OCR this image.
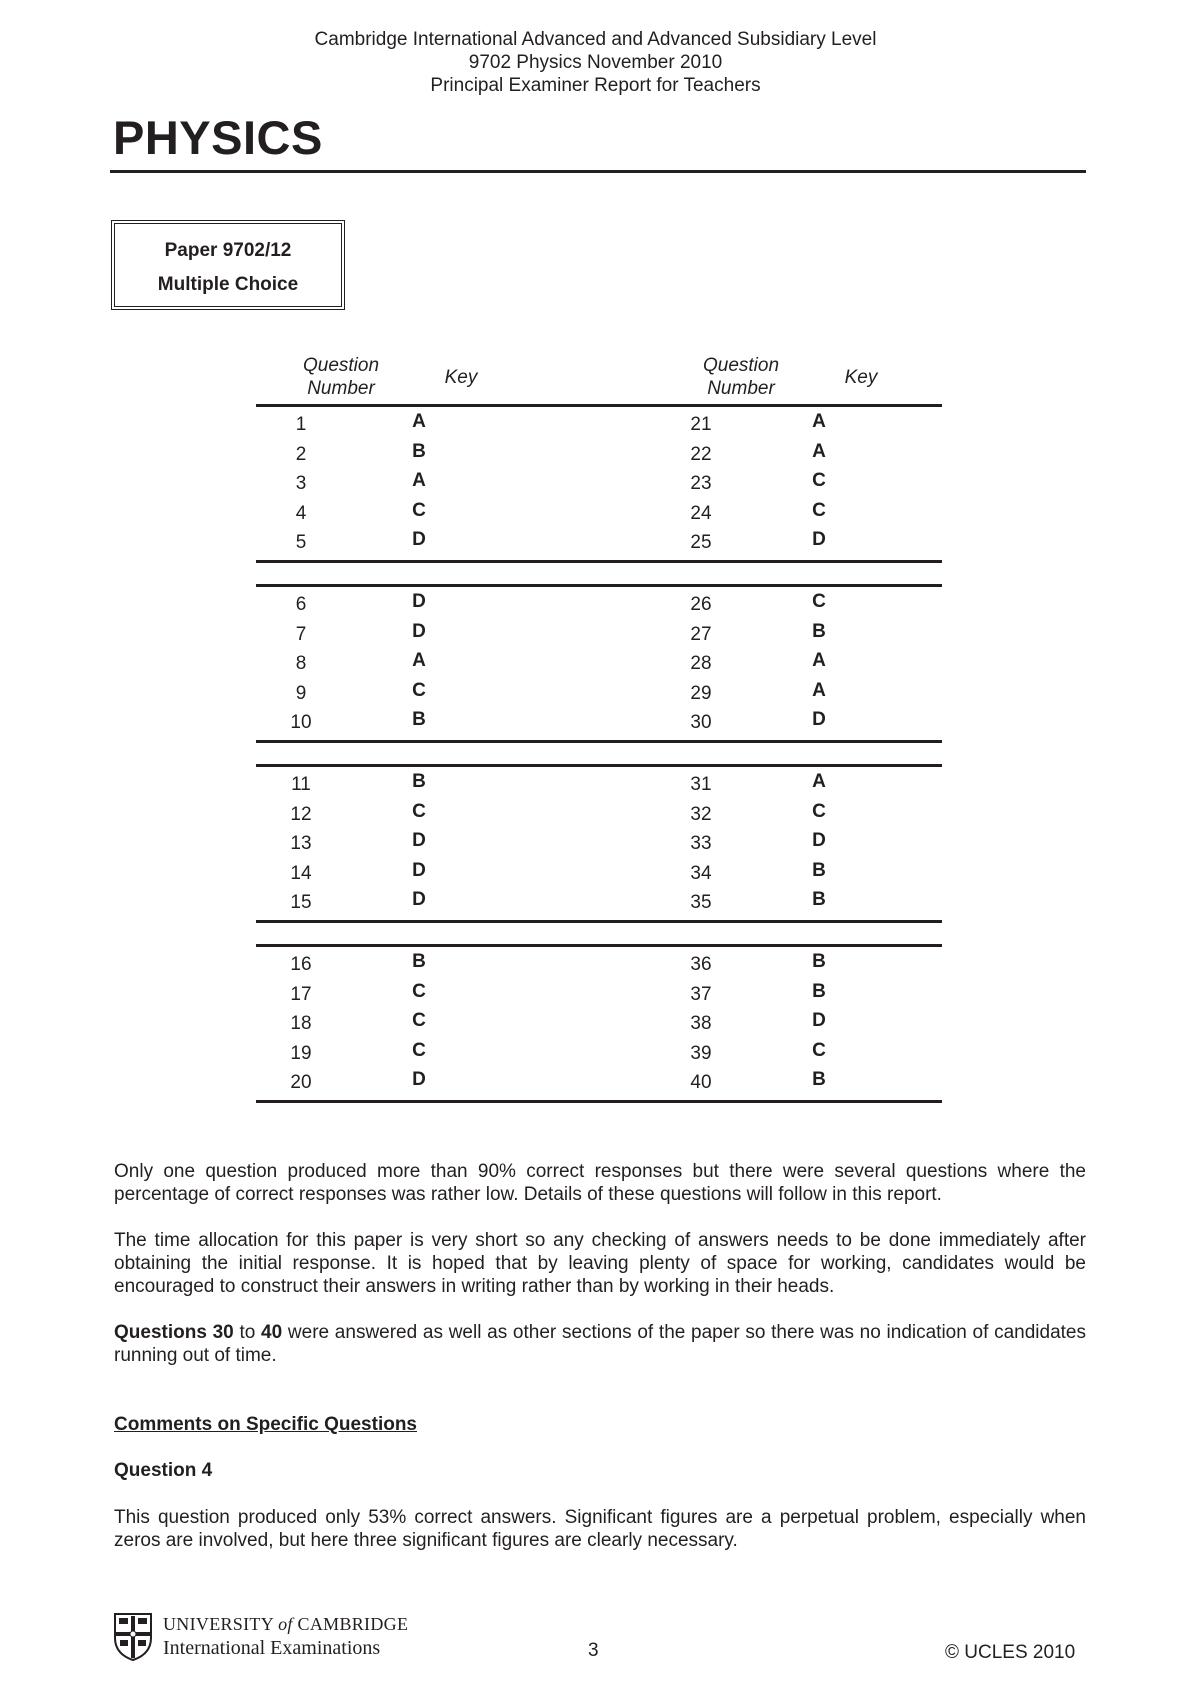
Cambridge International Advanced and Advanced Subsidiary Level
9702 Physics November 2010
Principal Examiner Report for Teachers
PHYSICS
Paper 9702/12
Multiple Choice
Question
Number
Key
Question
Number
Key
1	A	21	A
2	B	22	A
3	A	23	C
4	C	24	C
5	D	25	D
6	D	26	C
7	D	27	B
8	A	28	A
9	C	29	A
10	B	30	D
11	B	31	A
12	C	32	C
13	D	33	D
14	D	34	B
15	D	35	B
16	B	36	B
17	C	37	B
18	C	38	D
19	C	39	C
20	D	40	B
Only one question produced more than 90% correct responses but there were several questions where the percentage of correct responses was rather low. Details of these questions will follow in this report.
The time allocation for this paper is very short so any checking of answers needs to be done immediately after obtaining the initial response. It is hoped that by leaving plenty of space for working, candidates would be encouraged to construct their answers in writing rather than by working in their heads.
Questions 30 to 40 were answered as well as other sections of the paper so there was no indication of candidates running out of time.
Comments on Specific Questions
Question 4
This question produced only 53% correct answers. Significant figures are a perpetual problem, especially when zeros are involved, but here three significant figures are clearly necessary.
UNIVERSITY of CAMBRIDGE
International Examinations	3	© UCLES 2010
